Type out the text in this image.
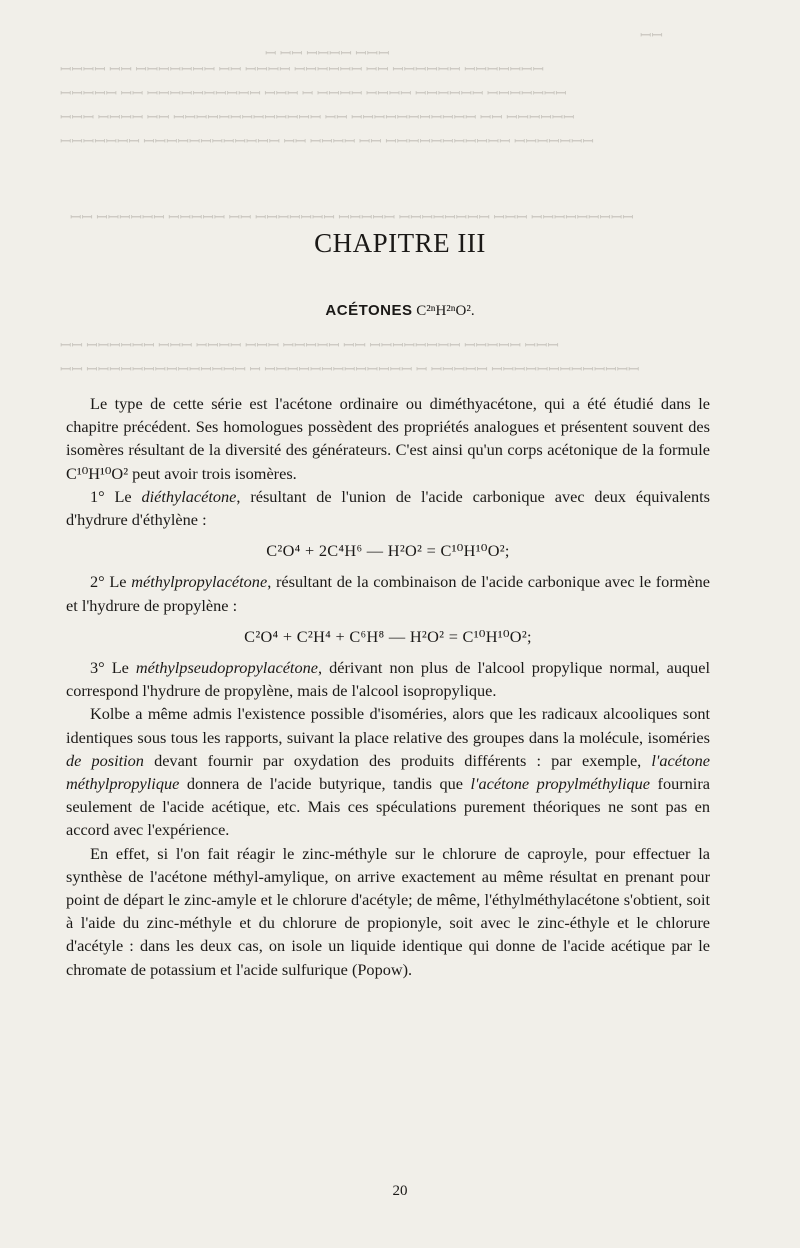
ꟷ ꟷꟷ ꟷꟷꟷꟷ ꟷꟷꟷ
ꟷꟷ
ꟷꟷꟷꟷ ꟷꟷ ꟷꟷꟷꟷꟷꟷꟷ ꟷꟷ ꟷꟷꟷꟷ ꟷꟷꟷꟷꟷꟷ ꟷꟷ ꟷꟷꟷꟷꟷꟷ ꟷꟷꟷꟷꟷꟷꟷ
ꟷꟷꟷꟷꟷ ꟷꟷ ꟷꟷꟷꟷꟷꟷꟷꟷꟷꟷ ꟷꟷꟷ ꟷ ꟷꟷꟷꟷ ꟷꟷꟷꟷ ꟷꟷꟷꟷꟷꟷ ꟷꟷꟷꟷꟷꟷꟷ
ꟷꟷꟷ ꟷꟷꟷꟷ ꟷꟷ ꟷꟷꟷꟷꟷꟷꟷꟷꟷꟷꟷꟷꟷ ꟷꟷ ꟷꟷꟷꟷꟷꟷꟷꟷꟷꟷꟷ ꟷꟷ ꟷꟷꟷꟷꟷꟷ
ꟷꟷꟷꟷꟷꟷꟷ ꟷꟷꟷꟷꟷꟷꟷꟷꟷꟷꟷꟷ ꟷꟷ ꟷꟷꟷꟷ ꟷꟷ ꟷꟷꟷꟷꟷꟷꟷꟷꟷꟷꟷ ꟷꟷꟷꟷꟷꟷꟷ
ꟷꟷ ꟷꟷꟷꟷꟷꟷ ꟷꟷꟷꟷꟷ ꟷꟷ ꟷꟷꟷꟷꟷꟷꟷ ꟷꟷꟷꟷꟷ ꟷꟷꟷꟷꟷꟷꟷꟷ ꟷꟷꟷ ꟷꟷꟷꟷꟷꟷꟷꟷꟷ
ꟷꟷ ꟷꟷꟷꟷꟷꟷ ꟷꟷꟷ ꟷꟷꟷꟷ ꟷꟷꟷ ꟷꟷꟷꟷꟷ ꟷꟷ ꟷꟷꟷꟷꟷꟷꟷꟷ ꟷꟷꟷꟷꟷ ꟷꟷꟷ
ꟷꟷ ꟷꟷꟷꟷꟷꟷꟷꟷꟷꟷꟷꟷꟷꟷ ꟷ ꟷꟷꟷꟷꟷꟷꟷꟷꟷꟷꟷꟷꟷ ꟷ ꟷꟷꟷꟷꟷ ꟷꟷꟷꟷꟷꟷꟷꟷꟷꟷꟷꟷꟷ
CHAPITRE III
ACÉTONES C²ⁿH²ⁿO².

Le type de cette série est l'acétone ordinaire ou diméthyacétone, qui a été étudié dans le chapitre précédent. Ses homologues possèdent des propriétés analogues et présentent souvent des isomères résultant de la diversité des générateurs. C'est ainsi qu'un corps acétonique de la formule C¹⁰H¹⁰O² peut avoir trois isomères.

1° Le diéthylacétone, résultant de l'union de l'acide carbonique avec deux équivalents d'hydrure d'éthylène :

C²O⁴ + 2C⁴H⁶ — H²O² = C¹⁰H¹⁰O²;

2° Le méthylpropylacétone, résultant de la combinaison de l'acide carbonique avec le formène et l'hydrure de propylène :

C²O⁴ + C²H⁴ + C⁶H⁸ — H²O² = C¹⁰H¹⁰O²;

3° Le méthylpseudopropylacétone, dérivant non plus de l'alcool propylique normal, auquel correspond l'hydrure de propylène, mais de l'alcool isopropylique.

Kolbe a même admis l'existence possible d'isoméries, alors que les radicaux alcooliques sont identiques sous tous les rapports, suivant la place relative des groupes dans la molécule, isoméries de position devant fournir par oxydation des produits différents : par exemple, l'acétone méthylpropylique donnera de l'acide butyrique, tandis que l'acétone propylméthylique fournira seulement de l'acide acétique, etc. Mais ces spéculations purement théoriques ne sont pas en accord avec l'expérience.

En effet, si l'on fait réagir le zinc-méthyle sur le chlorure de caproyle, pour effectuer la synthèse de l'acétone méthyl-amylique, on arrive exactement au même résultat en prenant pour point de départ le zinc-amyle et le chlorure d'acétyle; de même, l'éthylméthylacétone s'obtient, soit à l'aide du zinc-méthyle et du chlorure de propionyle, soit avec le zinc-éthyle et le chlorure d'acétyle : dans les deux cas, on isole un liquide identique qui donne de l'acide acétique par le chromate de potassium et l'acide sulfurique (Popow).

20
